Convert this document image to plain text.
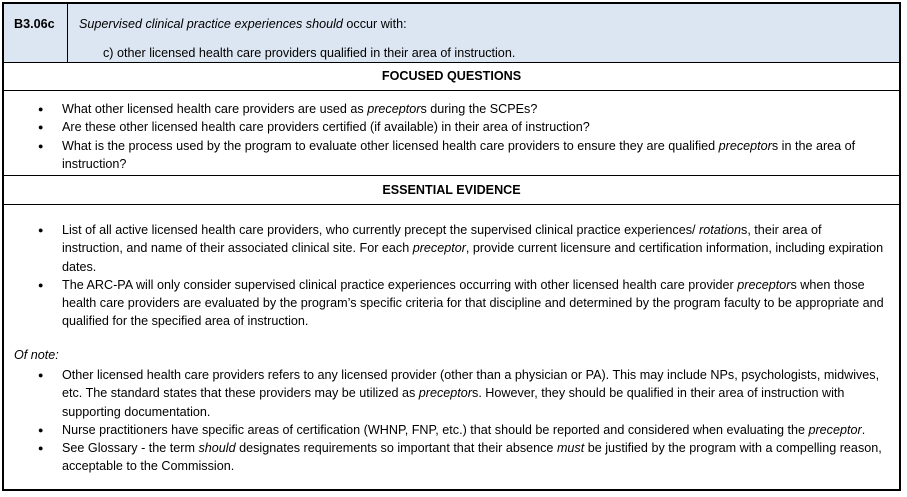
B3.06c	Supervised clinical practice experiences should occur with:
c) other licensed health care providers qualified in their area of instruction.
FOCUSED QUESTIONS
● What other licensed health care providers are used as preceptors during the SCPEs?
● Are these other licensed health care providers certified (if available) in their area of instruction?
● What is the process used by the program to evaluate other licensed health care providers to ensure they are qualified preceptors in the area of instruction?
ESSENTIAL EVIDENCE
● List of all active licensed health care providers, who currently precept the supervised clinical practice experiences/ rotations, their area of instruction, and name of their associated clinical site. For each preceptor, provide current licensure and certification information, including expiration dates.
● The ARC-PA will only consider supervised clinical practice experiences occurring with other licensed health care provider preceptors when those health care providers are evaluated by the program’s specific criteria for that discipline and determined by the program faculty to be appropriate and qualified for the specified area of instruction.
Of note:
● Other licensed health care providers refers to any licensed provider (other than a physician or PA). This may include NPs, psychologists, midwives, etc. The standard states that these providers may be utilized as preceptors. However, they should be qualified in their area of instruction with supporting documentation.
● Nurse practitioners have specific areas of certification (WHNP, FNP, etc.) that should be reported and considered when evaluating the preceptor.
● See Glossary - the term should designates requirements so important that their absence must be justified by the program with a compelling reason, acceptable to the Commission.
